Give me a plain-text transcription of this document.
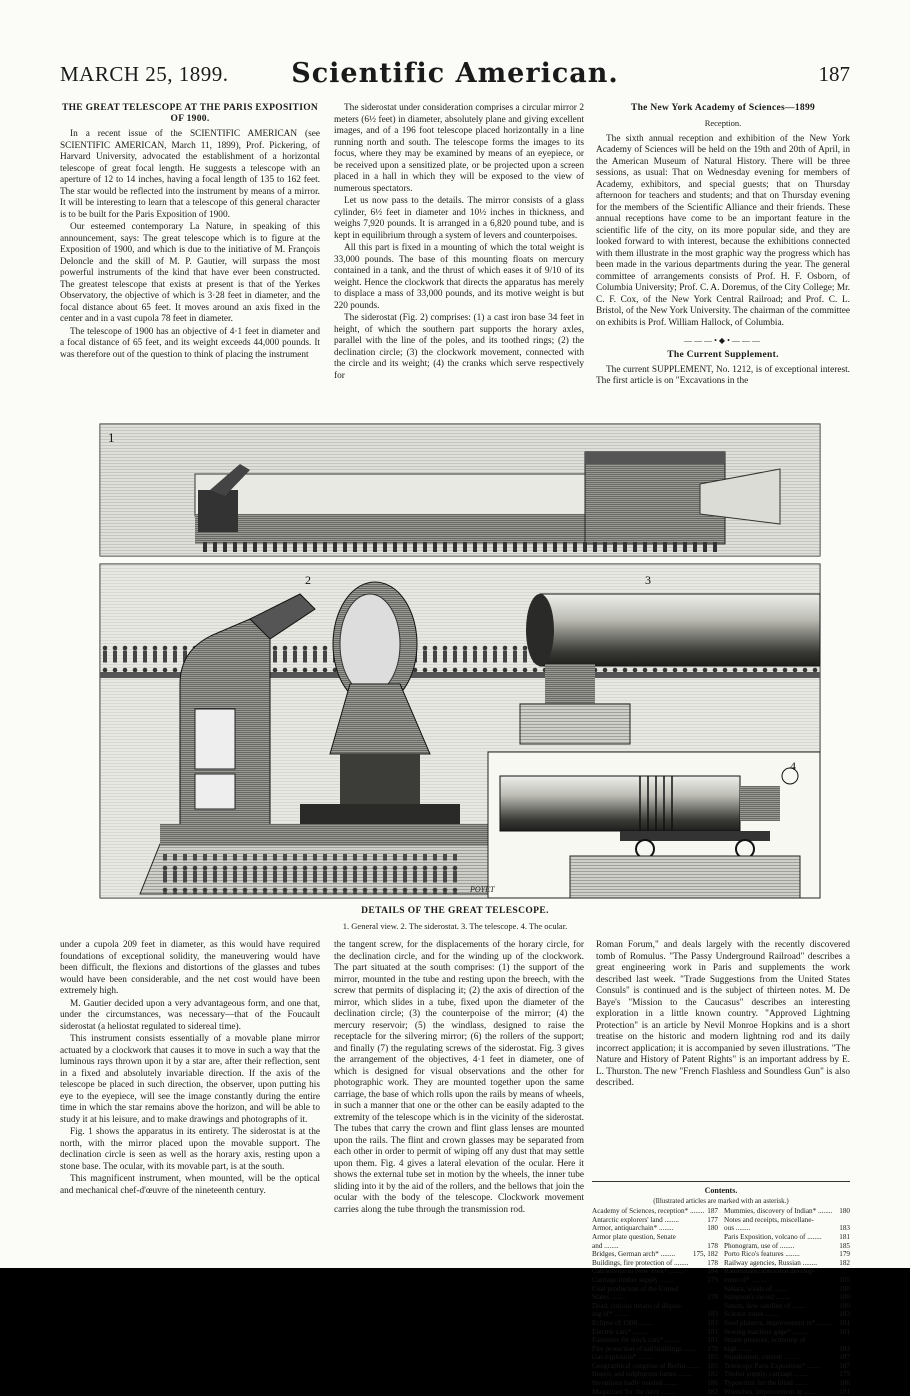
MARCH 25, 1899.	Scientific American.	187
THE GREAT TELESCOPE AT THE PARIS EXPOSITION OF 1900.

In a recent issue of the SCIENTIFIC AMERICAN (see SCIENTIFIC AMERICAN, March 11, 1899), Prof. Pickering, of Harvard University, advocated the establishment of a horizontal telescope of great focal length. He suggests a telescope with an aperture of 12 to 14 inches, having a focal length of 135 to 162 feet. The star would be reflected into the instrument by means of a mirror. It will be interesting to learn that a telescope of this general character is to be built for the Paris Exposition of 1900.

Our esteemed contemporary La Nature, in speaking of this announcement, says: The great telescope which is to figure at the Exposition of 1900, and which is due to the initiative of M. François Deloncle and the skill of M. P. Gautier, will surpass the most powerful instruments of the kind that have ever been constructed. The greatest telescope that exists at present is that of the Yerkes Observatory, the objective of which is 3·28 feet in diameter, and the focal distance about 65 feet. It moves around an axis fixed in the center and in a vast cupola 78 feet in diameter.

The telescope of 1900 has an objective of 4·1 feet in diameter and a focal distance of 65 feet, and its weight exceeds 44,000 pounds. It was therefore out of the question to think of placing the instrument

The siderostat under consideration comprises a circular mirror 2 meters (6½ feet) in diameter, absolutely plane and giving excellent images, and of a 196 foot telescope placed horizontally in a line running north and south. The telescope forms the images to its focus, where they may be examined by means of an eyepiece, or be received upon a sensitized plate, or be projected upon a screen placed in a hall in which they will be exposed to the view of numerous spectators.

Let us now pass to the details. The mirror consists of a glass cylinder, 6½ feet in diameter and 10½ inches in thickness, and weighs 7,920 pounds. It is arranged in a 6,820 pound tube, and is kept in equilibrium through a system of levers and counterpoises.

All this part is fixed in a mounting of which the total weight is 33,000 pounds. The base of this mounting floats on mercury contained in a tank, and the thrust of which eases it of 9/10 of its weight. Hence the clockwork that directs the apparatus has merely to displace a mass of 33,000 pounds, and its motive weight is but 220 pounds.

The siderostat (Fig. 2) comprises: (1) a cast iron base 34 feet in height, of which the southern part supports the horary axles, parallel with the line of the poles, and its toothed rings; (2) the declination circle; (3) the clockwork movement, connected with the circle and its weight; (4) the cranks which serve respectively for

The New York Academy of Sciences—1899
Reception.

The sixth annual reception and exhibition of the New York Academy of Sciences will be held on the 19th and 20th of April, in the American Museum of Natural History. There will be three sessions, as usual: That on Wednesday evening for members of Academy, exhibitors, and special guests; that on Thursday afternoon for teachers and students; and that on Thursday evening for the members of the Scientific Alliance and their friends. These annual receptions have come to be an important feature in the scientific life of the city, on its more popular side, and they are looked forward to with interest, because the exhibitions connected with them illustrate in the most graphic way the progress which has been made in the various departments during the year. The general committee of arrangements consists of Prof. H. F. Osborn, of Columbia University; Prof. C. A. Doremus, of the City College; Mr. C. F. Cox, of the New York Central Railroad; and Prof. C. L. Bristol, of the New York University. The chairman of the committee on exhibits is Prof. William Hallock, of Columbia.

———•◆•———
The Current Supplement.

The current SUPPLEMENT, No. 1212, is of exceptional interest. The first article is on "Excavations in the

1
2	3
4
POYET
DETAILS OF THE GREAT TELESCOPE.
1. General view. 2. The siderostat. 3. The telescope. 4. The ocular.

under a cupola 209 feet in diameter, as this would have required foundations of exceptional solidity, the maneuvering would have been difficult, the flexions and distortions of the glasses and tubes would have been considerable, and the net cost would have been extremely high.

M. Gautier decided upon a very advantageous form, and one that, under the circumstances, was necessary—that of the Foucault siderostat (a heliostat regulated to sidereal time).

This instrument consists essentially of a movable plane mirror actuated by a clockwork that causes it to move in such a way that the luminous rays thrown upon it by a star are, after their reflection, sent in a fixed and absolutely invariable direction. If the axis of the telescope be placed in such direction, the observer, upon putting his eye to the eyepiece, will see the image constantly during the entire time in which the star remains above the horizon, and will be able to study it at his leisure, and to make drawings and photographs of it.

Fig. 1 shows the apparatus in its entirety. The siderostat is at the north, with the mirror placed upon the movable support. The declination circle is seen as well as the horary axis, resting upon a stone base. The ocular, with its movable part, is at the south.

This magnificent instrument, when mounted, will be the optical and mechanical chef-d'œuvre of the nineteenth century.

the tangent screw, for the displacements of the horary circle, for the declination circle, and for the winding up of the clockwork. The part situated at the south comprises: (1) the support of the mirror, mounted in the tube and resting upon the breech, with the screw that permits of displacing it; (2) the axis of direction of the mirror, which slides in a tube, fixed upon the diameter of the declination circle; (3) the counterpoise of the mirror; (4) the mercury reservoir; (5) the windlass, designed to raise the receptacle for the silvering mirror; (6) the rollers of the support; and finally (7) the regulating screws of the siderostat. Fig. 3 gives the arrangement of the objectives, 4·1 feet in diameter, one of which is designed for visual observations and the other for photographic work. They are mounted together upon the same carriage, the base of which rolls upon the rails by means of wheels, in such a manner that one or the other can be easily adapted to the extremity of the telescope which is in the vicinity of the siderostat. The tubes that carry the crown and flint glass lenses are mounted upon the rails. The flint and crown glasses may be separated from each other in order to permit of wiping off any dust that may settle upon them. Fig. 4 gives a lateral elevation of the ocular. Here it shows the external tube set in motion by the wheels, the inner tube sliding into it by the aid of the rollers, and the bellows that join the ocular with the body of the telescope. Clockwork movement carries along the tube through the transmission rod.

Roman Forum," and deals largely with the recently discovered tomb of Romulus. "The Passy Underground Railroad" describes a great engineering work in Paris and supplements the work described last week. "Trade Suggestions from the United States Consuls" is continued and is the subject of thirteen notes. M. De Baye's "Mission to the Caucasus" describes an interesting exploration in a little known country. "Approved Lightning Protection" is an article by Nevil Monroe Hopkins and is a short treatise on the historic and modern lightning rod and its daily incorrect application; it is accompanied by seven illustrations. "The Nature and History of Patent Rights" is an important address by E. L. Thurston. The new "French Flashless and Soundless Gun" is also described.

Contents.
(Illustrated articles are marked with an asterisk.)
Academy of Sciences, reception* ........ 187
Antarctic explorers' land ........	177
Armor, antiquarchain* ........	180
Armor plate question, Senate
and ........	178
Bridges, German arch* ........ 175, 182
Buildings, fire protection of ........	178
Cab service in New York* ........	184
Carriage timber supply ........	179
Coal production of the United
States ........	178
Dead, curious means of dispos-
ing of* ........	183
Eclipse of 1900 ........	181
Electric cars* ........	181
Fasteners for stock cars* ........	181
Fire protection of tall buildings ........ 178
Gas explosion* ........	185
Geographical congress of Berlin ........ 185
Insects and sulphurous fumes ........ 182
Inventions badly needed ........	186
Magazines for the navy ........	182
Mummies, discovery of Indian* ........ 180
Notes and receipts, miscellane-
ous ........	183
Paris Exposition, volcano of ........ 181
Phonogram, use of ........	185
Porto Rico's features ........	179
Railway agencies, Russian ........	182
Rattlesnake, abnormal develop-
ment of* ........	185
Sahara, winds of ........	180
Sampson's sword ........	180
Saturn, new satellite of ........	180
Science notes ........	183
Seed planters, improvement in* ........ 181
Sewing machine gage* ........	181
Steam pressure, economy of
high ........	183
Supplement, current ........	187
Telescope Paris Exposition* ........ 187
Timber supply, carriage ........	179
Typewriter for the blind ........	186
Wrenches, improvement in ........	181
